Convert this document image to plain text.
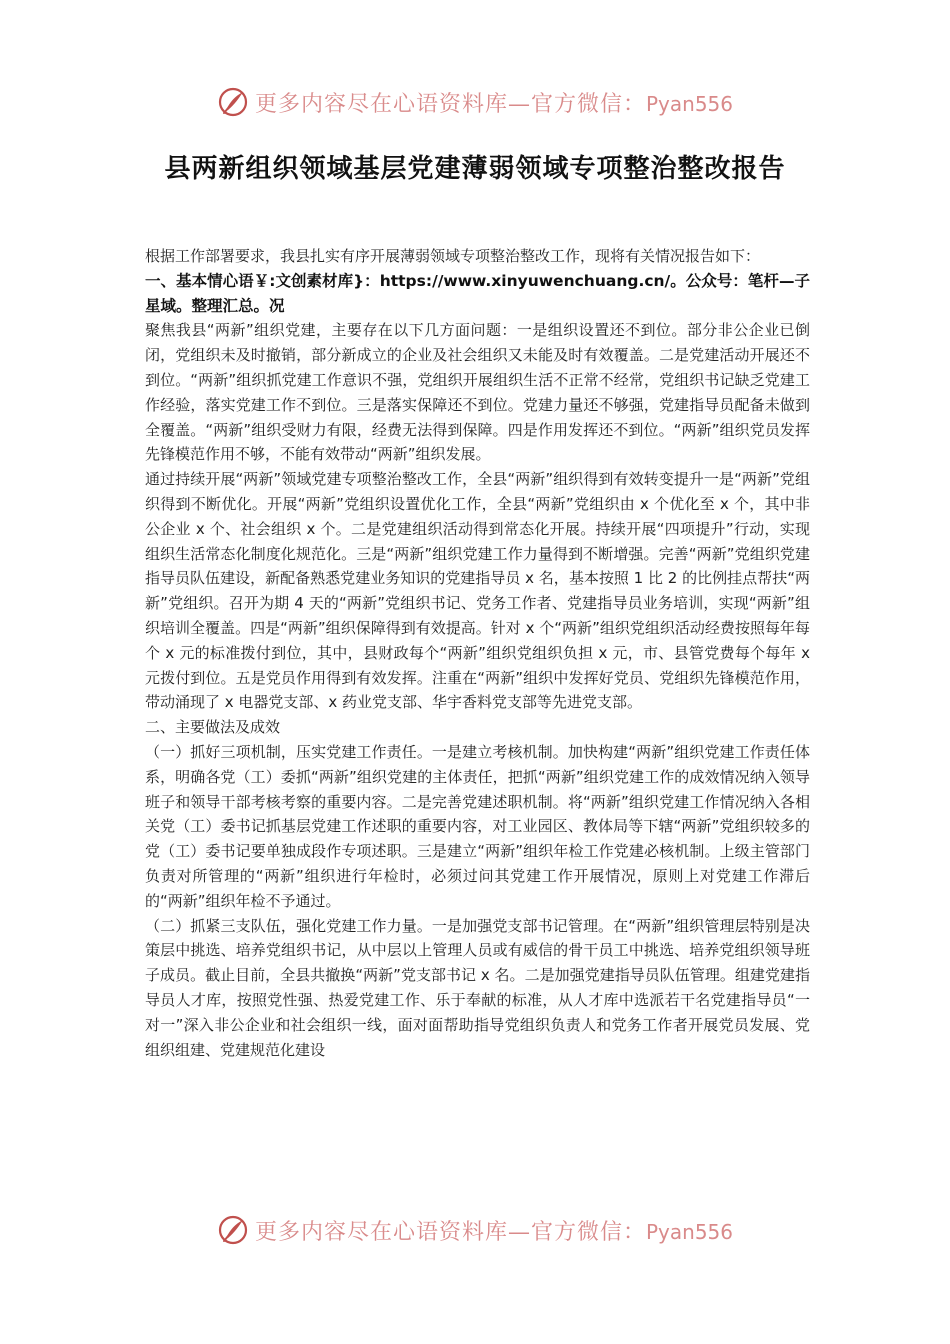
更多内容尽在心语资料库—官方微信：Pyan556
县两新组织领域基层党建薄弱领域专项整治整改报告

根据工作部署要求，我县扎实有序开展薄弱领域专项整治整改工作，现将有关情况报告如下：

一、基本情心语￥:文创素材库}：https://www.xinyuwenchuang.cn/。公众号：笔杆—子星域。整理汇总。况

聚焦我县“两新”组织党建，主要存在以下几方面问题：一是组织设置还不到位。部分非公企业已倒闭，党组织未及时撤销，部分新成立的企业及社会组织又未能及时有效覆盖。二是党建活动开展还不到位。“两新”组织抓党建工作意识不强，党组织开展组织生活不正常不经常，党组织书记缺乏党建工作经验，落实党建工作不到位。三是落实保障还不到位。党建力量还不够强，党建指导员配备未做到全覆盖。“两新”组织受财力有限，经费无法得到保障。四是作用发挥还不到位。“两新”组织党员发挥先锋模范作用不够，不能有效带动“两新”组织发展。

通过持续开展“两新”领域党建专项整治整改工作，全县“两新”组织得到有效转变提升一是“两新”党组织得到不断优化。开展“两新”党组织设置优化工作，全县“两新”党组织由 x 个优化至 x 个，其中非公企业 x 个、社会组织 x 个。二是党建组织活动得到常态化开展。持续开展“四项提升”行动，实现组织生活常态化制度化规范化。三是“两新”组织党建工作力量得到不断增强。完善“两新”党组织党建指导员队伍建设，新配备熟悉党建业务知识的党建指导员 x 名，基本按照 1 比 2 的比例挂点帮扶“两新”党组织。召开为期 4 天的“两新”党组织书记、党务工作者、党建指导员业务培训，实现“两新”组织培训全覆盖。四是“两新”组织保障得到有效提高。针对 x 个“两新”组织党组织活动经费按照每年每个 x 元的标准拨付到位，其中，县财政每个“两新”组织党组织负担 x 元，市、县管党费每个每年 x 元拨付到位。五是党员作用得到有效发挥。注重在“两新”组织中发挥好党员、党组织先锋模范作用，带动涌现了 x 电器党支部、x 药业党支部、华宇香料党支部等先进党支部。

二、主要做法及成效

（一）抓好三项机制，压实党建工作责任。一是建立考核机制。加快构建“两新”组织党建工作责任体系，明确各党（工）委抓“两新”组织党建的主体责任，把抓“两新”组织党建工作的成效情况纳入领导班子和领导干部考核考察的重要内容。二是完善党建述职机制。将“两新”组织党建工作情况纳入各相关党（工）委书记抓基层党建工作述职的重要内容，对工业园区、教体局等下辖“两新”党组织较多的党（工）委书记要单独成段作专项述职。三是建立“两新”组织年检工作党建必核机制。上级主管部门负责对所管理的“两新”组织进行年检时，必须过问其党建工作开展情况，原则上对党建工作滞后的“两新”组织年检不予通过。

（二）抓紧三支队伍，强化党建工作力量。一是加强党支部书记管理。在“两新”组织管理层特别是决策层中挑选、培养党组织书记，从中层以上管理人员或有威信的骨干员工中挑选、培养党组织领导班子成员。截止目前，全县共撤换“两新”党支部书记 x 名。二是加强党建指导员队伍管理。组建党建指导员人才库，按照党性强、热爱党建工作、乐于奉献的标准，从人才库中选派若干名党建指导员“一对一”深入非公企业和社会组织一线，面对面帮助指导党组织负责人和党务工作者开展党员发展、党组织组建、党建规范化建设

更多内容尽在心语资料库—官方微信：Pyan556
